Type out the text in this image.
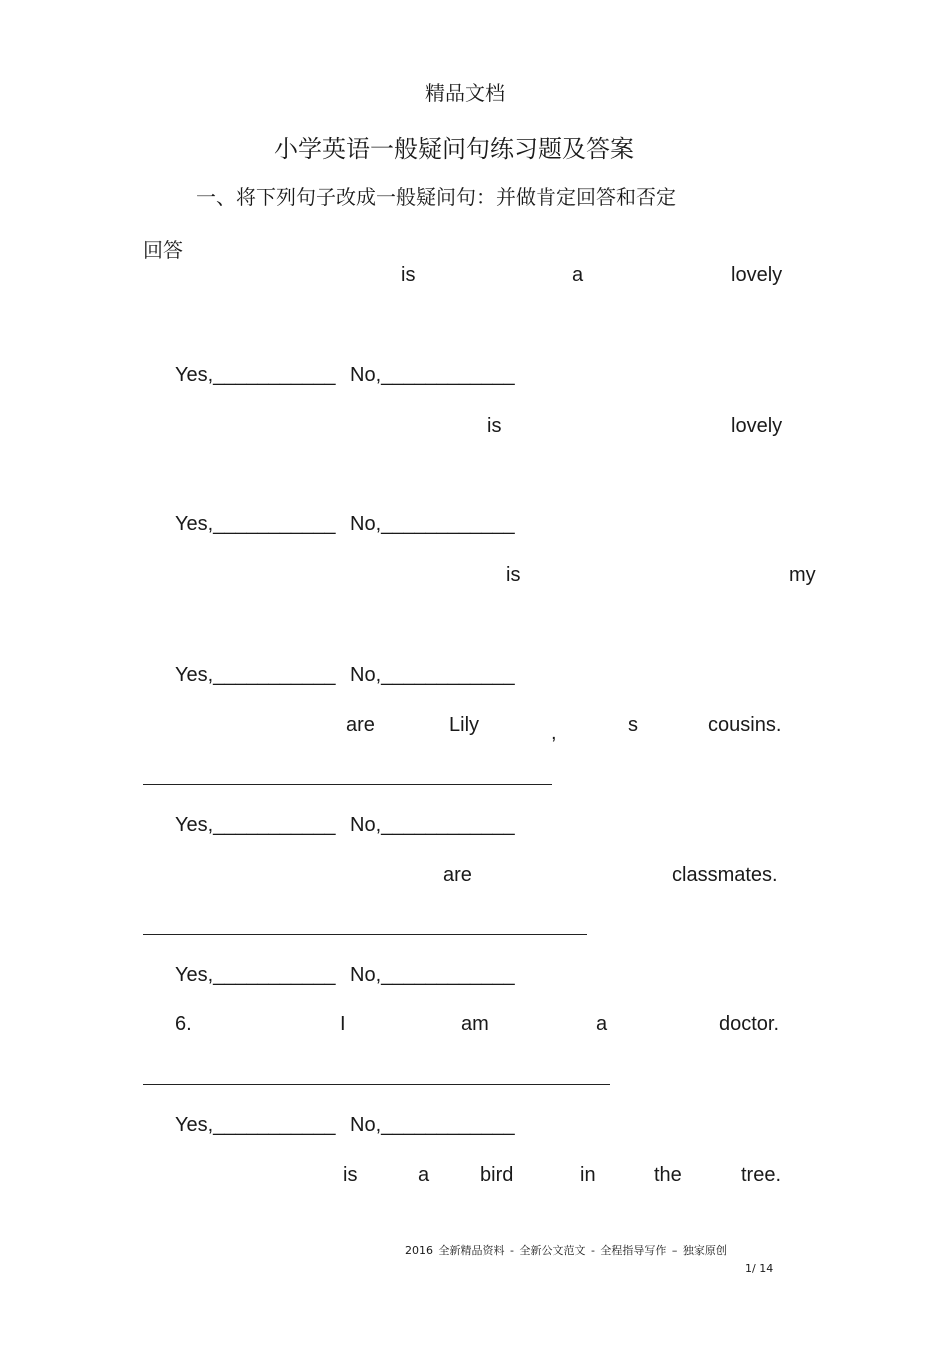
精品文档
小学英语一般疑问句练习题及答案
一、将下列句子改成一般疑问句：并做肯定回答和否定
回答
is	a	lovely
Yes,___________ No,____________
is	lovely
Yes,___________ No,____________
is	my
Yes,___________ No,____________
are	Lily	,	s	cousins.
Yes,___________ No,____________
are	classmates.
Yes,___________ No,____________
6.	I	am	a	doctor.
Yes,___________ No,____________
is	a	bird	in	the	tree.
2016 全新精品资料 - 全新公文范文 - 全程指导写作 – 独家原创
1/ 14
